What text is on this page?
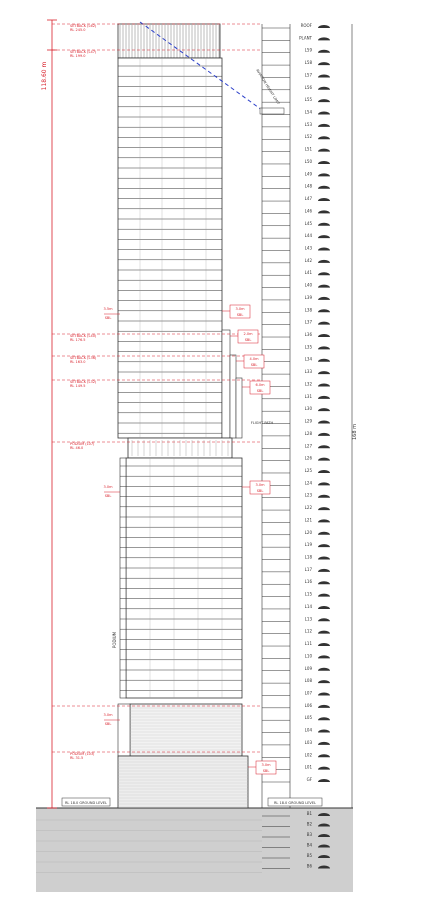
118.60 m	AVIATION HEIGHT LIMIT
ROOF
PLANT
L59
L58
L57
L56
L55
L54
L53
L52
L51
L50
L49
L48
L47
L46
L45
L44
L43
L42
L41
L40
L39
L38
L37
L36
L35
L34
L33
L32
L31
L30
L29
L28
L27
L26
L25
L24
L23
L22
L21
L20
L19
L18
L17
L16
L15
L14
L13
L12
L11
L10
L09
L08
L07
L06
L05
L04
L03
L02
L01
GF
B1
B2
B3
B4
B5
B6
SETBACK (L62)
RL 245.0
SETBACK (L47)
RL 199.0
SETBACK (L40)
RL 176.5
SETBACK (L36)
RL 163.0
SETBACK (L32)
RL 149.5
PODIUM (L07)
RL 46.0
PODIUM (L03)
RL 31.5
3.5m
SBL
3.0m
SBL
3.0m
SBL
3.0m
SBL
2.0m
SBL
4.0m
SBL
6.0m
SBL
3.0m
SBL
3.0m
SBL
FLIGHT PATH
168 m
PODIUM
RL 18.0 GROUND LEVEL	RL 18.0 GROUND LEVEL
